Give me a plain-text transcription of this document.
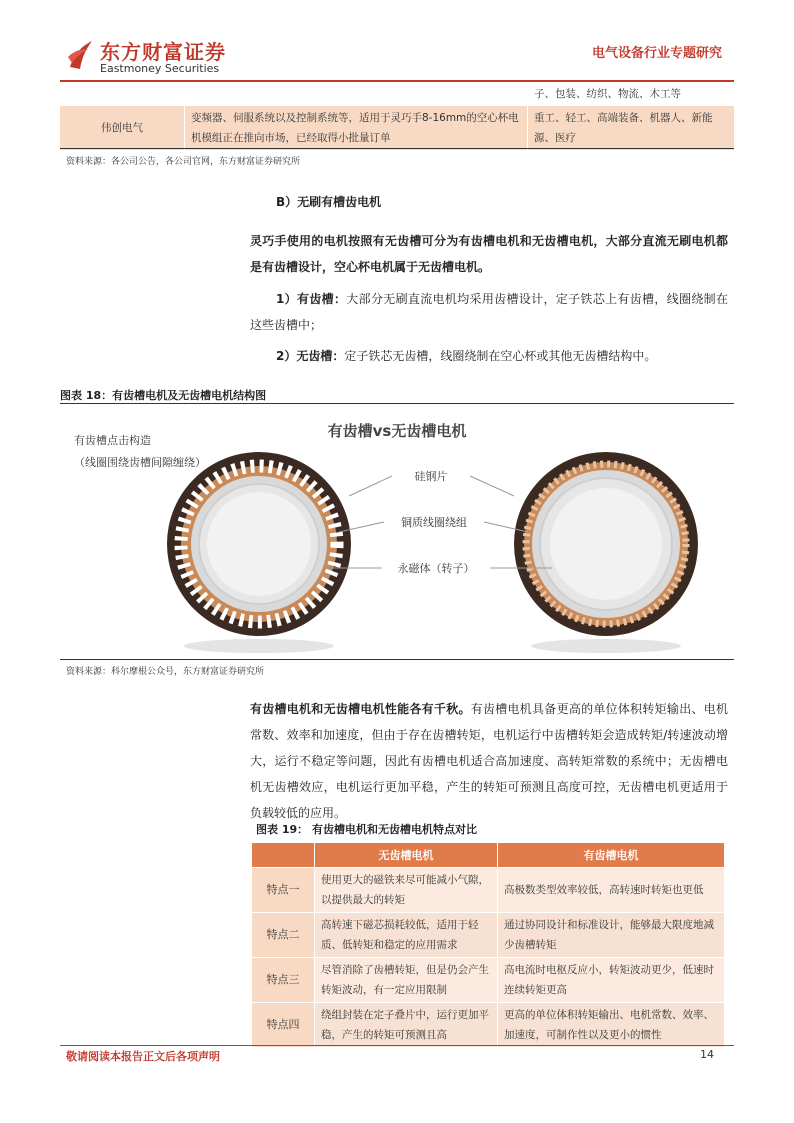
东方财富证券
Eastmoney Securities
电气设备行业专题研究
		子、包装、纺织、物流、木工等
伟创电气	变频器、伺服系统以及控制系统等，适用于灵巧手8-16mm的空心杯电机模组正在推向市场，已经取得小批量订单	重工、轻工、高端装备、机器人、新能源、医疗
资料来源：各公司公告，各公司官网，东方财富证券研究所
B）无刷有槽齿电机
灵巧手使用的电机按照有无齿槽可分为有齿槽电机和无齿槽电机，大部分直流无刷电机都是有齿槽设计，空心杯电机属于无齿槽电机。
1）有齿槽：大部分无刷直流电机均采用齿槽设计，定子铁芯上有齿槽，线圈绕制在这些齿槽中；
2）无齿槽：定子铁芯无齿槽，线圈绕制在空心杯或其他无齿槽结构中。
图表 18：有齿槽电机及无齿槽电机结构图
有齿槽vs无齿槽电机
有齿槽点击构造
（线圈围绕齿槽间隙缠绕）
硅钢片
铜质线圈绕组
永磁体（转子）
资料来源：科尔摩根公众号，东方财富证券研究所
有齿槽电机和无齿槽电机性能各有千秋。有齿槽电机具备更高的单位体积转矩输出、电机常数、效率和加速度，但由于存在齿槽转矩，电机运行中齿槽转矩会造成转矩/转速波动增大，运行不稳定等问题，因此有齿槽电机适合高加速度、高转矩常数的系统中；无齿槽电机无齿槽效应，电机运行更加平稳，产生的转矩可预测且高度可控，无齿槽电机更适用于负载较低的应用。
图表 19： 有齿槽电机和无齿槽电机特点对比
	无齿槽电机	有齿槽电机
特点一	使用更大的磁铁来尽可能减小气隙，以提供最大的转矩	高极数类型效率较低，高转速时转矩也更低
特点二	高转速下磁芯损耗较低，适用于轻质、低转矩和稳定的应用需求	通过协同设计和标准设计，能够最大限度地减少齿槽转矩
特点三	尽管消除了齿槽转矩，但是仍会产生转矩波动，有一定应用限制	高电流时电枢反应小，转矩波动更少，低速时连续转矩更高
特点四	绕组封装在定子叠片中，运行更加平稳，产生的转矩可预测且高	更高的单位体积转矩输出、电机常数、效率、加速度，可制作性以及更小的惯性
敬请阅读本报告正文后各项声明	14
